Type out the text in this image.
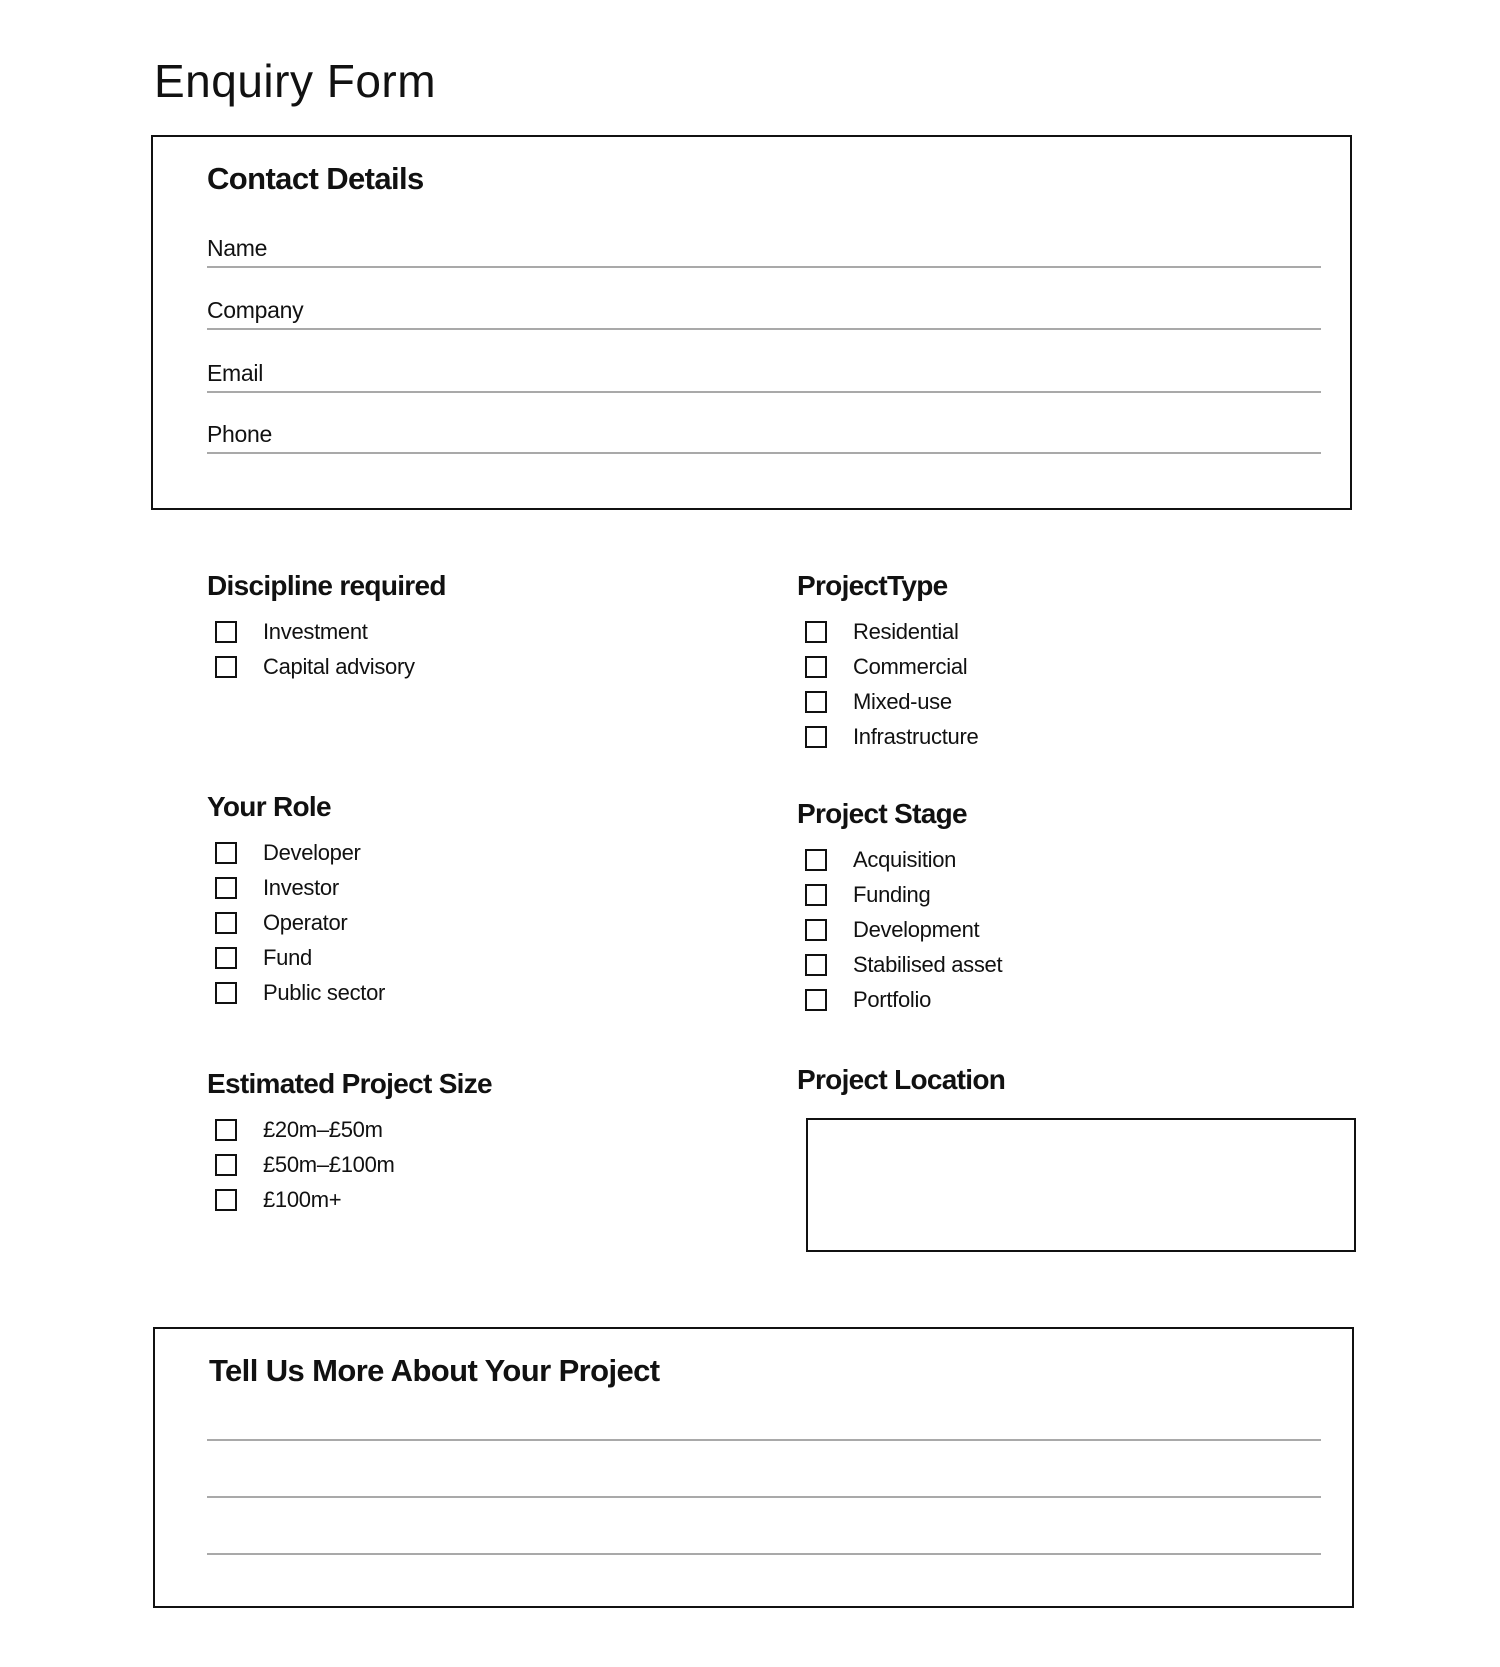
Enquiry Form
Contact Details
Name
Company
Email
Phone
Discipline required
Investment
Capital advisory
ProjectType
Residential
Commercial
Mixed-use
Infrastructure
Your Role
Developer
Investor
Operator
Fund
Public sector
Project Stage
Acquisition
Funding
Development
Stabilised asset
Portfolio
Estimated Project Size
£20m–£50m
£50m–£100m
£100m+
Project Location
Tell Us More About Your Project
